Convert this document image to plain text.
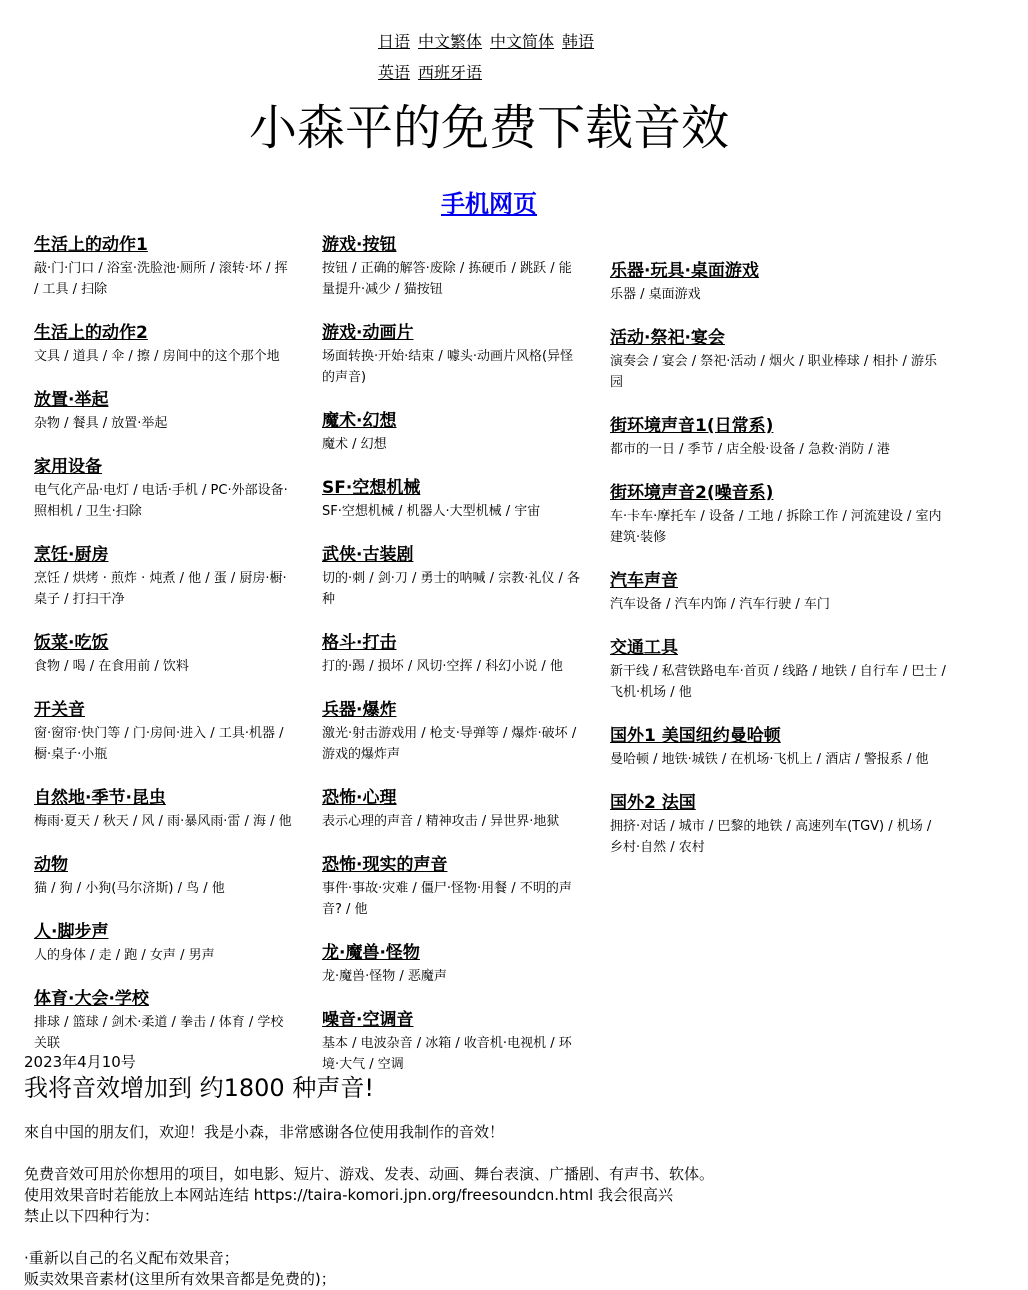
日语 中文繁体 中文简体 韩语
英语 西班牙语
小森平的免费下载音效
手机网页
生活上的动作1
敲·门·门口 / 浴室·洗脸池·厕所 / 滚转·坏 / 挥 / 工具 / 扫除
生活上的动作2
文具 / 道具 / 伞 / 擦 / 房间中的这个那个地
放置·举起
杂物 / 餐具 / 放置·举起
家用设备
电气化产品·电灯 / 电话·手机 / PC·外部设备·照相机 / 卫生·扫除
烹饪·厨房
烹饪 / 烘烤 · 煎炸 · 炖煮 / 他 / 蛋 / 厨房·橱·桌子 / 打扫干净
饭菜·吃饭
食物 / 喝 / 在食用前 / 饮料
开关音
窗·窗帘·快门等 / 门·房间·进入 / 工具·机器 / 橱·桌子·小瓶
自然地·季节·昆虫
梅雨·夏天 / 秋天 / 风 / 雨·暴风雨·雷 / 海 / 他
动物
猫 / 狗 / 小狗(马尔济斯) / 鸟 / 他
人·脚步声
人的身体 / 走 / 跑 / 女声 / 男声
体育·大会·学校
排球 / 篮球 / 剑术·柔道 / 拳击 / 体育 / 学校关联
游戏·按钮
按钮 / 正确的解答·废除 / 拣硬币 / 跳跃 / 能量提升·减少 / 猫按钮
游戏·动画片
场面转换·开始·结束 / 噱头·动画片风格(异怪的声音)
魔术·幻想
魔术 / 幻想
SF·空想机械
SF·空想机械 / 机器人·大型机械 / 宇宙
武侠·古装剧
切的·刺 / 剑·刀 / 勇士的呐喊 / 宗教·礼仪 / 各种
格斗·打击
打的·踢 / 损坏 / 风切·空挥 / 科幻小说 / 他
兵器·爆炸
激光·射击游戏用 / 枪支·导弹等 / 爆炸·破坏 / 游戏的爆炸声
恐怖·心理
表示心理的声音 / 精神攻击 / 异世界·地狱
恐怖·现实的声音
事件·事故·灾难 / 僵尸·怪物·用餐 / 不明的声音? / 他
龙·魔兽·怪物
龙·魔兽·怪物 / 恶魔声
噪音·空调音
基本 / 电波杂音 / 冰箱 / 收音机·电视机 / 环境·大气 / 空调
乐器·玩具·桌面游戏
乐器 / 桌面游戏
活动·祭祀·宴会
演奏会 / 宴会 / 祭祀·活动 / 烟火 / 职业棒球 / 相扑 / 游乐园
街环境声音1(日常系)
都市的一日 / 季节 / 店全般·设备 / 急救·消防 / 港
街环境声音2(噪音系)
车·卡车·摩托车 / 设备 / 工地 / 拆除工作 / 河流建设 / 室内建筑·装修
汽车声音
汽车设备 / 汽车内饰 / 汽车行驶 / 车门
交通工具
新干线 / 私营铁路电车·首页 / 线路 / 地铁 / 自行车 / 巴士 / 飞机·机场 / 他
国外1 美国纽约曼哈顿
曼哈顿 / 地铁·城铁 / 在机场·飞机上 / 酒店 / 警报系 / 他
国外2 法国
拥挤·对话 / 城市 / 巴黎的地铁 / 高速列车(TGV) / 机场 / 乡村·自然 / 农村
2023年4月10号
我将音效增加到 约1800 种声音!
來自中国的朋友们，欢迎！我是小森，非常感谢各位使用我制作的音效！
免费音效可用於你想用的项目，如电影、短片、游戏、发表、动画、舞台表演、广播剧、有声书、软体。
使用效果音时若能放上本网站连结 https://taira-komori.jpn.org/freesoundcn.html 我会很高兴
禁止以下四种行为：
·重新以自己的名义配布效果音；
贩卖效果音素材(这里所有效果音都是免费的)；
